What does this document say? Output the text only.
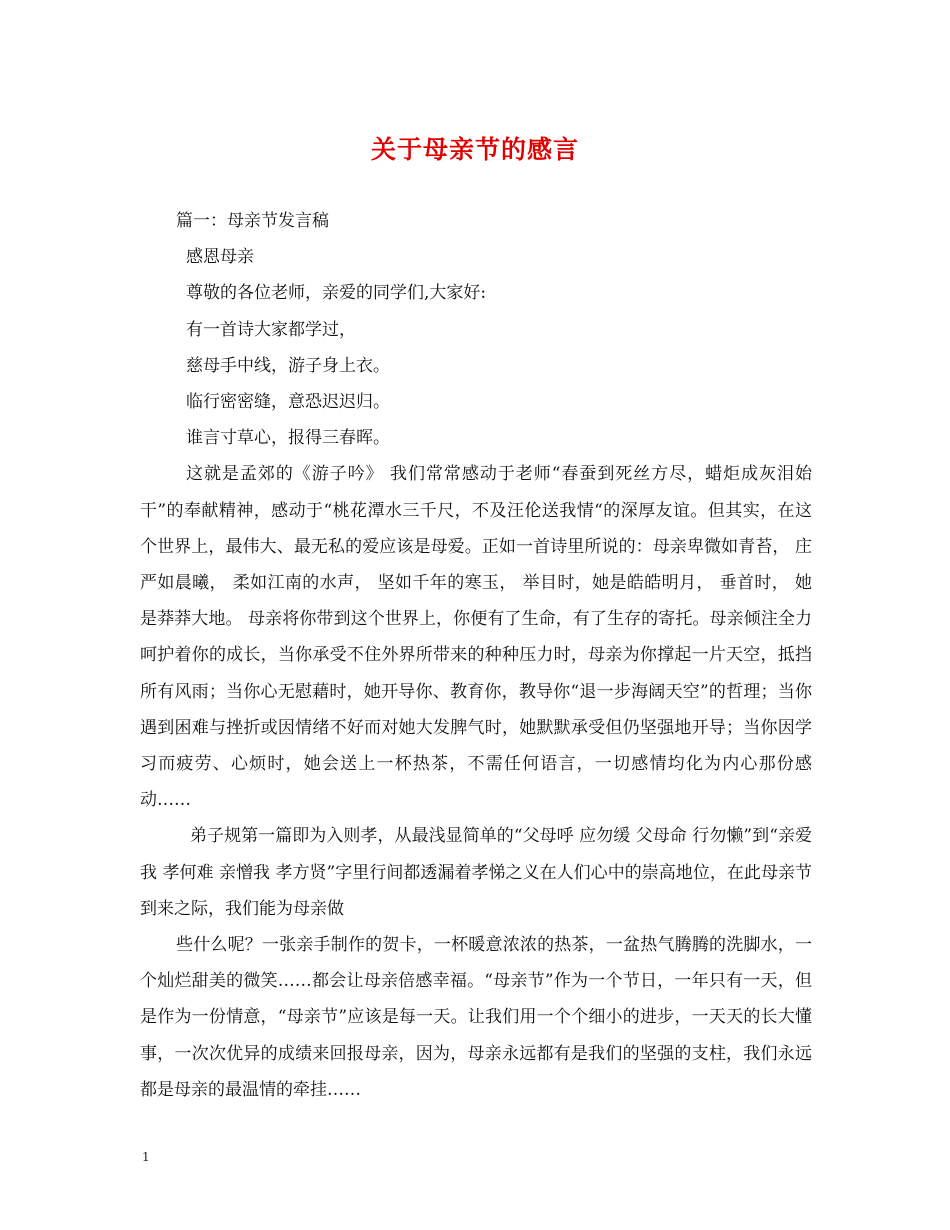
关于母亲节的感言
篇一：母亲节发言稿
感恩母亲
尊敬的各位老师，亲爱的同学们,大家好:
有一首诗大家都学过，
慈母手中线，游子身上衣。
临行密密缝，意恐迟迟归。
谁言寸草心，报得三春晖。
这就是孟郊的《游子吟》 我们常常感动于老师“春蚕到死丝方尽，蜡炬成灰泪始干”的奉献精神，感动于“桃花潭水三千尺，不及汪伦送我情“的深厚友谊。但其实，在这个世界上，最伟大、最无私的爱应该是母爱。正如一首诗里所说的：母亲卑微如青苔， 庄严如晨曦， 柔如江南的水声， 坚如千年的寒玉， 举目时，她是皓皓明月， 垂首时， 她是莽莽大地。 母亲将你带到这个世界上，你便有了生命，有了生存的寄托。母亲倾注全力呵护着你的成长，当你承受不住外界所带来的种种压力时，母亲为你撑起一片天空，抵挡所有风雨；当你心无慰藉时，她开导你、教育你，教导你“退一步海阔天空”的哲理；当你遇到困难与挫折或因情绪不好而对她大发脾气时，她默默承受但仍坚强地开导；当你因学习而疲劳、心烦时，她会送上一杯热茶，不需任何语言，一切感情均化为内心那份感动……
弟子规第一篇即为入则孝，从最浅显简单的“父母呼 应勿缓 父母命 行勿懒”到“亲爱我 孝何难 亲憎我 孝方贤”字里行间都透漏着孝悌之义在人们心中的崇高地位，在此母亲节到来之际，我们能为母亲做
些什么呢？一张亲手制作的贺卡，一杯暖意浓浓的热茶，一盆热气腾腾的洗脚水，一个灿烂甜美的微笑……都会让母亲倍感幸福。“母亲节”作为一个节日，一年只有一天，但是作为一份情意，“母亲节”应该是每一天。让我们用一个个细小的进步，一天天的长大懂事，一次次优异的成绩来回报母亲，因为，母亲永远都有是我们的坚强的支柱，我们永远都是母亲的最温情的牵挂……
1
